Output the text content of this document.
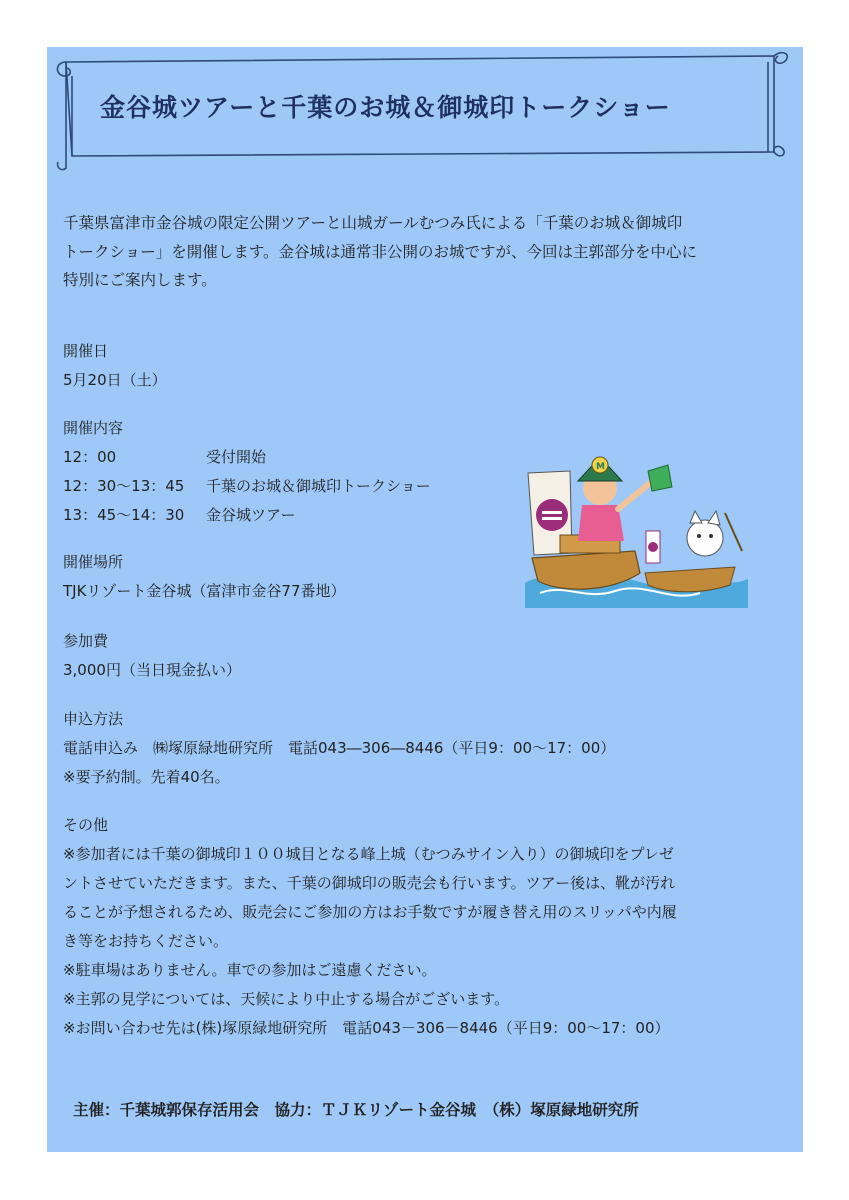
金谷城ツアーと千葉のお城＆御城印トークショー

千葉県富津市金谷城の限定公開ツアーと山城ガールむつみ氏による「千葉のお城＆御城印

トークショー」を開催します。金谷城は通常非公開のお城ですが、今回は主郭部分を中心に

特別にご案内します。

開催日
5月20日（土）
開催内容
12：00	受付開始
12：30〜13：45	千葉のお城＆御城印トークショー
13：45〜14：30	金谷城ツアー
開催場所
TJKリゾート金谷城（富津市金谷77番地）
参加費
3,000円（当日現金払い）
申込方法
電話申込み　㈱塚原緑地研究所　電話043―306―8446（平日9：00〜17：00）
※要予約制。先着40名。
その他
※参加者には千葉の御城印１００城目となる峰上城（むつみサイン入り）の御城印をプレゼ
ントさせていただきます。また、千葉の御城印の販売会も行います。ツアー後は、靴が汚れ
ることが予想されるため、販売会にご参加の方はお手数ですが履き替え用のスリッパや内履
き等をお持ちください。
※駐車場はありません。車での参加はご遠慮ください。
※主郭の見学については、天候により中止する場合がございます。
※お問い合わせ先は(株)塚原緑地研究所　電話043－306－8446（平日9：00〜17：00）
主催：千葉城郭保存活用会　協力：ＴＪＫリゾート金谷城　（株）塚原緑地研究所
M
